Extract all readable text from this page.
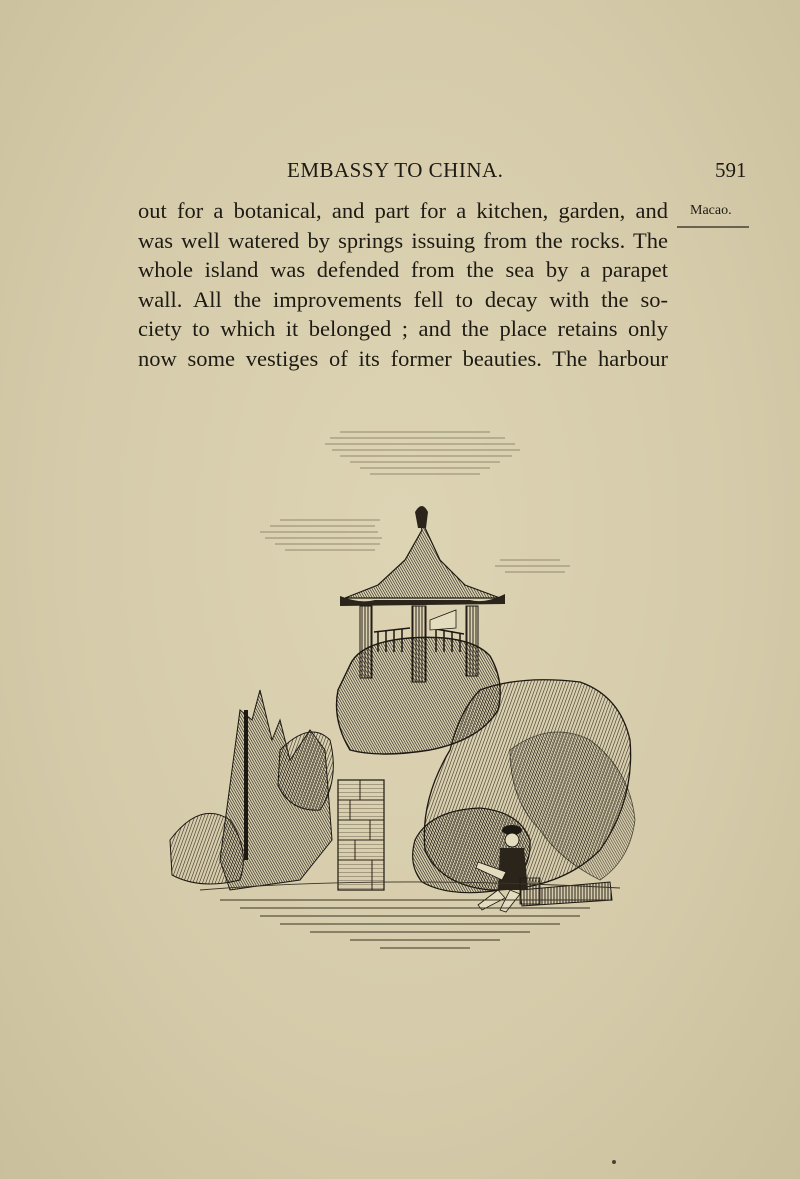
EMBASSY TO CHINA.	591
Macao.
out for a botanical, and part for a kitchen, garden, and
was well watered by springs issuing from the rocks. The
whole island was defended from the sea by a parapet
wall. All the improvements fell to decay with the so-
ciety to which it belonged ; and the place retains only
now some vestiges of its former beauties. The harbour
